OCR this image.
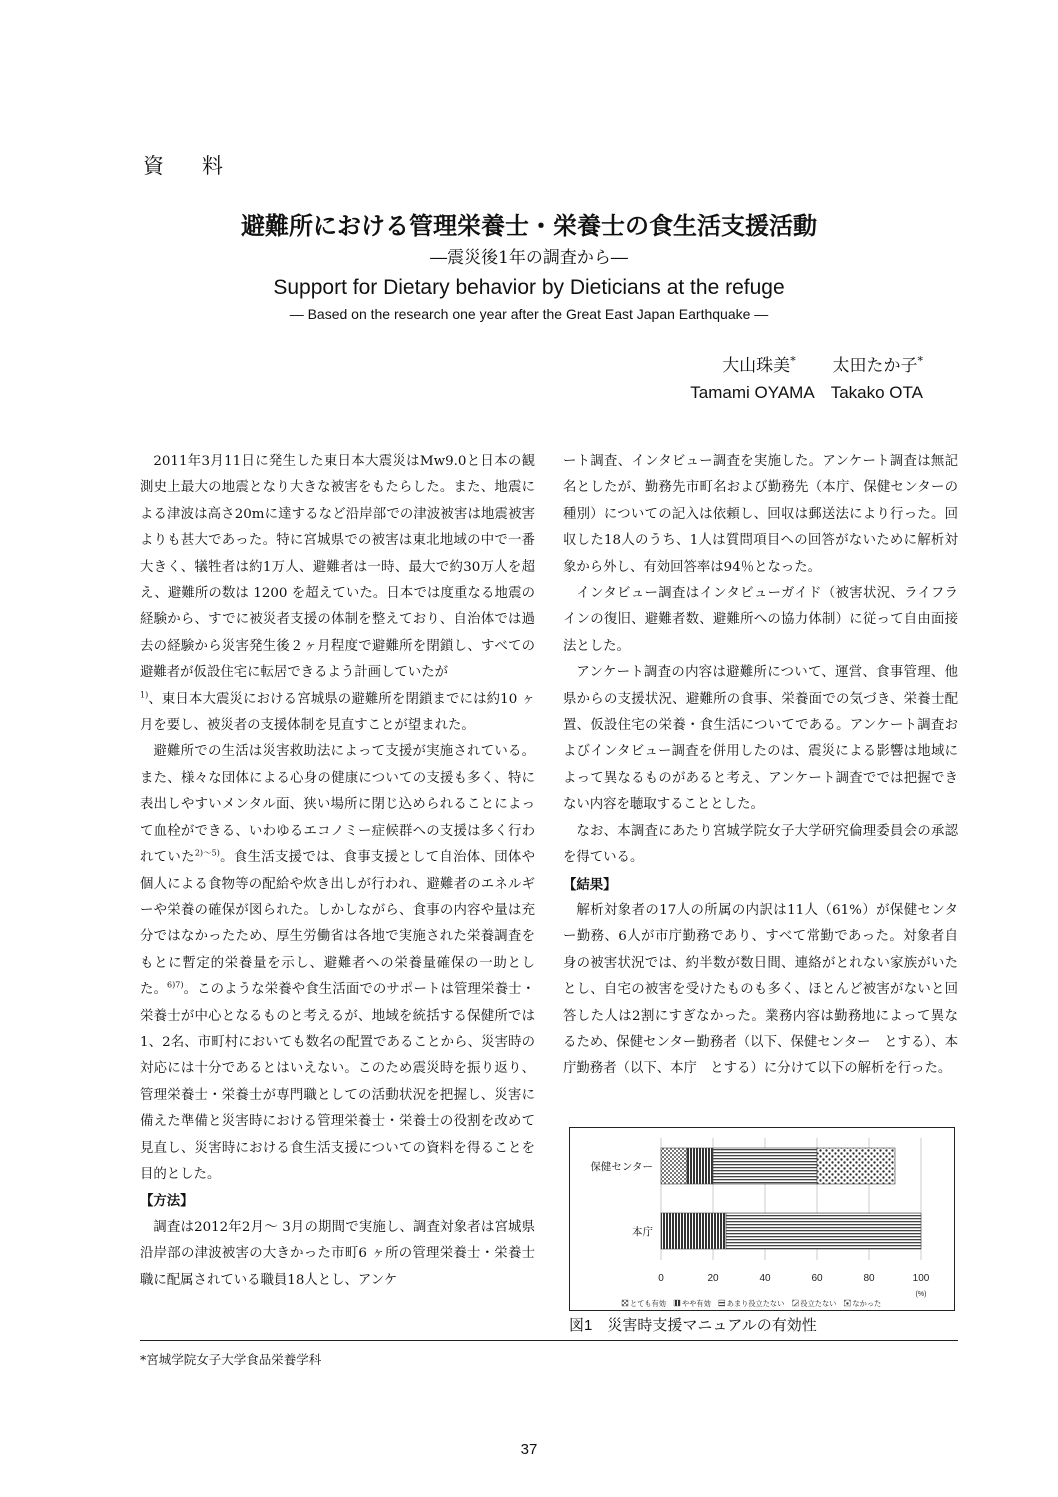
資料
避難所における管理栄養士・栄養士の食生活支援活動
―震災後1年の調査から―
Support for Dietary behavior by Dieticians at the refuge
― Based on the research one year after the Great East Japan Earthquake ―
大山珠美* 太田たか子*
Tamami OYAMA　Takako OTA

2011年3月11日に発生した東日本大震災はMw9.0と日本の観測史上最大の地震となり大きな被害をもたらした。また、地震による津波は高さ20mに達するなど沿岸部での津波被害は地震被害よりも甚大であった。特に宮城県での被害は東北地域の中で一番大きく、犠牲者は約1万人、避難者は一時、最大で約30万人を超え、避難所の数は 1200 を超えていた。日本では度重なる地震の経験から、すでに被災者支援の体制を整えており、自治体では過去の経験から災害発生後２ヶ月程度で避難所を閉鎖し、すべての避難者が仮設住宅に転居できるよう計画していたが
$^{1)}$、東日本大震災における宮城県の避難所を閉鎖までには約10 ヶ月を要し、被災者の支援体制を見直すことが望まれた。

避難所での生活は災害救助法によって支援が実施されている。また、様々な団体による心身の健康についての支援も多く、特に表出しやすいメンタル面、狭い場所に閉じ込められることによって血栓ができる、いわゆるエコノミー症候群への支援は多く行われていた$^{2)\sim 5)}$。食生活支援では、食事支援として自治体、団体や個人による食物等の配給や炊き出しが行われ、避難者のエネルギーや栄養の確保が図られた。しかしながら、食事の内容や量は充分ではなかったため、厚生労働省は各地で実施された栄養調査をもとに暫定的栄養量を示し、避難者への栄養量確保の一助とした。$^{6)7)}$。このような栄養や食生活面でのサポートは管理栄養士・栄養士が中心となるものと考えるが、地域を統括する保健所では1、2名、市町村においても数名の配置であることから、災害時の対応には十分であるとはいえない。このため震災時を振り返り、管理栄養士・栄養士が専門職としての活動状況を把握し、災害に備えた準備と災害時における管理栄養士・栄養士の役割を改めて見直し、災害時における食生活支援についての資料を得ることを目的とした。

【方法】

調査は2012年2月～ 3月の期間で実施し、調査対象者は宮城県沿岸部の津波被害の大きかった市町6 ヶ所の管理栄養士・栄養士職に配属されている職員18人とし、アンケ

ート調査、インタビュー調査を実施した。アンケート調査は無記名としたが、勤務先市町名および勤務先（本庁、保健センターの種別）についての記入は依頼し、回収は郵送法により行った。回収した18人のうち、1人は質問項目への回答がないために解析対象から外し、有効回答率は94％となった。

インタビュー調査はインタビューガイド（被害状況、ライフラインの復旧、避難者数、避難所への協力体制）に従って自由面接法とした。

アンケート調査の内容は避難所について、運営、食事管理、他県からの支援状況、避難所の食事、栄養面での気づき、栄養士配置、仮設住宅の栄養・食生活についてである。アンケート調査およびインタビュー調査を併用したのは、震災による影響は地域によって異なるものがあると考え、アンケート調査ででは把握できない内容を聴取することとした。

なお、本調査にあたり宮城学院女子大学研究倫理委員会の承認を得ている。

【結果】

解析対象者の17人の所属の内訳は11人（61%）が保健センター勤務、6人が市庁勤務であり、すべて常勤であった。対象者自身の被害状況では、約半数が数日間、連絡がとれない家族がいたとし、自宅の被害を受けたものも多く、ほとんど被害がないと回答した人は2割にすぎなかった。業務内容は勤務地によって異なるため、保健センター勤務者（以下、保健センター　とする）、本庁勤務者（以下、本庁　とする）に分けて以下の解析を行った。

0	20	40	60	80	100
(%)
保健センター
本庁
とても有効 やや有効 あまり役立たない 役立たない なかった
図1　災害時支援マニュアルの有効性
*宮城学院女子大学食品栄養学科
37
